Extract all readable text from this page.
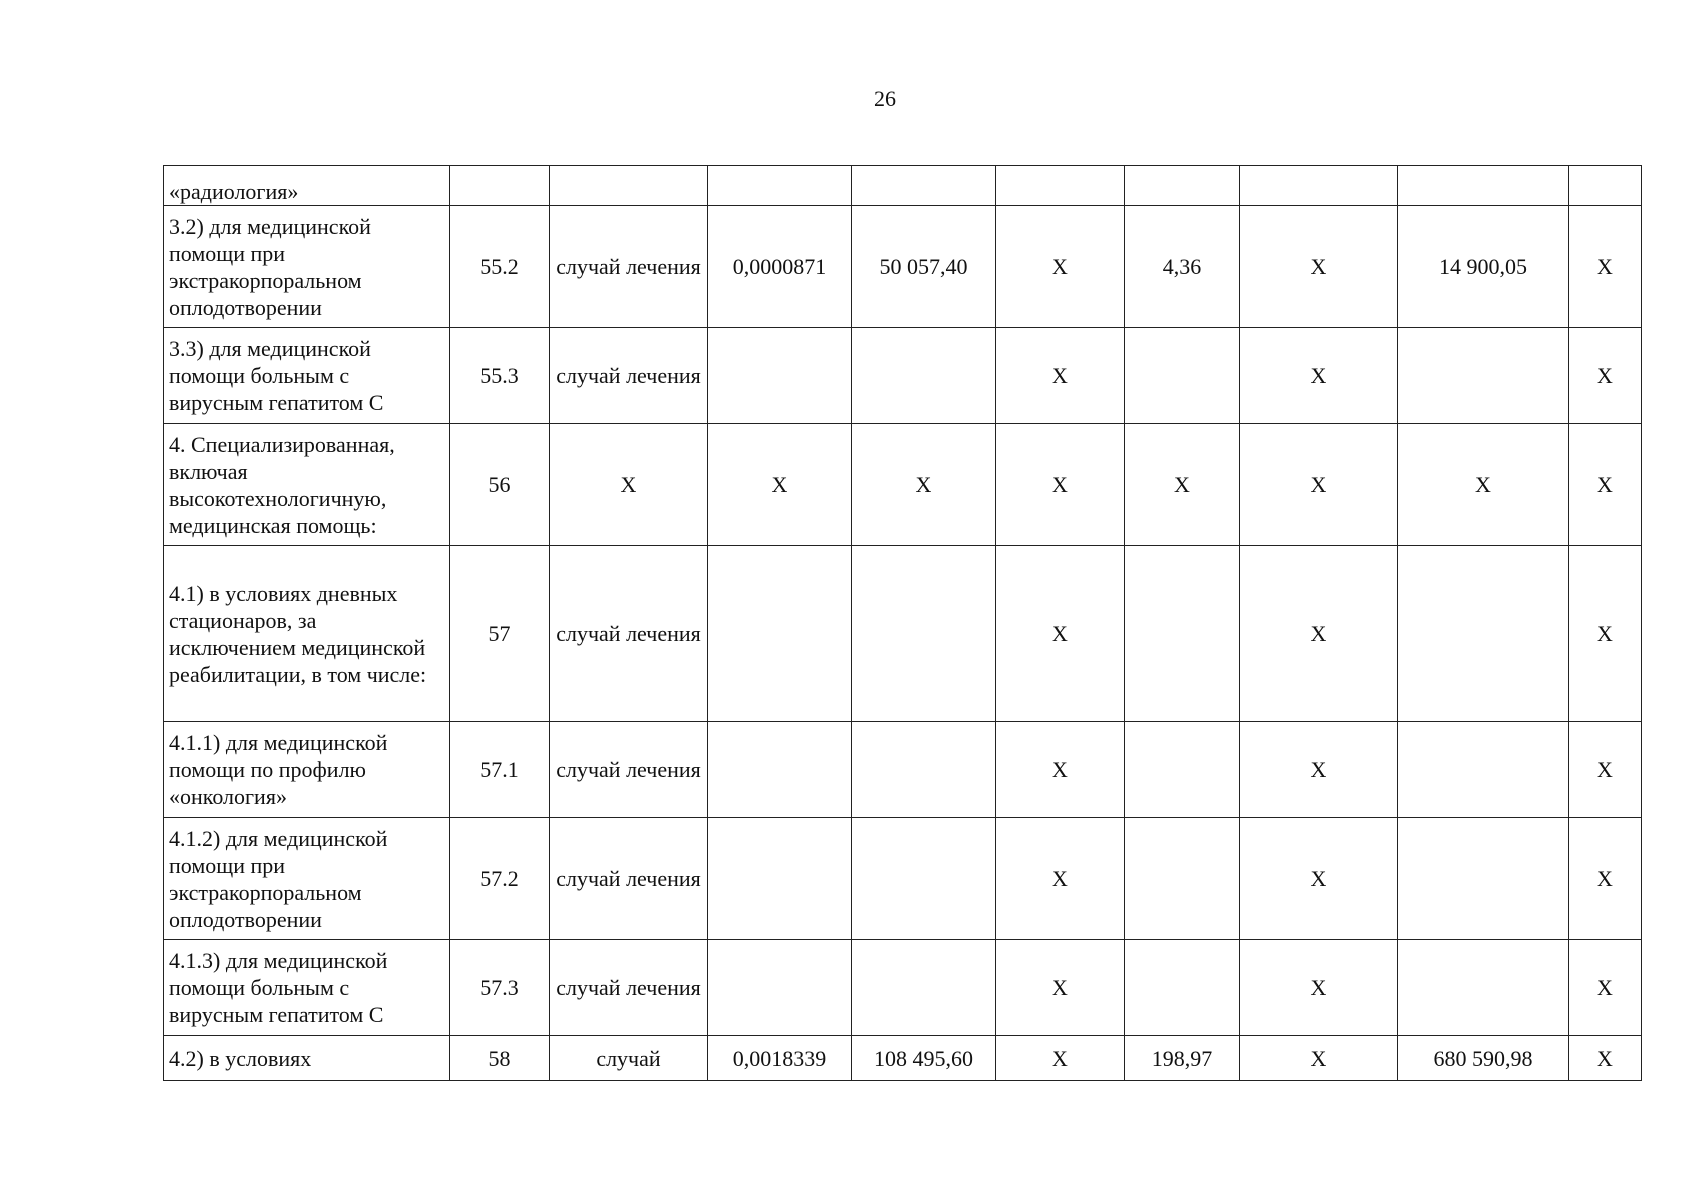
26
«радиология»									
3.2) для медицинской помощи при экстракорпоральном оплодотворении	55.2	случай лечения	0,0000871	50 057,40	X	4,36	X	14 900,05	X
3.3) для медицинской помощи больным с вирусным гепатитом С	55.3	случай лечения			X		X		X
4. Специализированная, включая высокотехнологичную, медицинская помощь:	56	X	X	X	X	X	X	X	X
4.1) в условиях дневных стационаров, за исключением медицинской реабилитации, в том числе:	57	случай лечения			X		X		X
4.1.1) для медицинской помощи по профилю «онкология»	57.1	случай лечения			X		X		X
4.1.2) для медицинской помощи при экстракорпоральном оплодотворении	57.2	случай лечения			X		X		X
4.1.3) для медицинской помощи больным с вирусным гепатитом С	57.3	случай лечения			X		X		X
4.2) в условиях	58	случай	0,0018339	108 495,60	X	198,97	X	680 590,98	X
